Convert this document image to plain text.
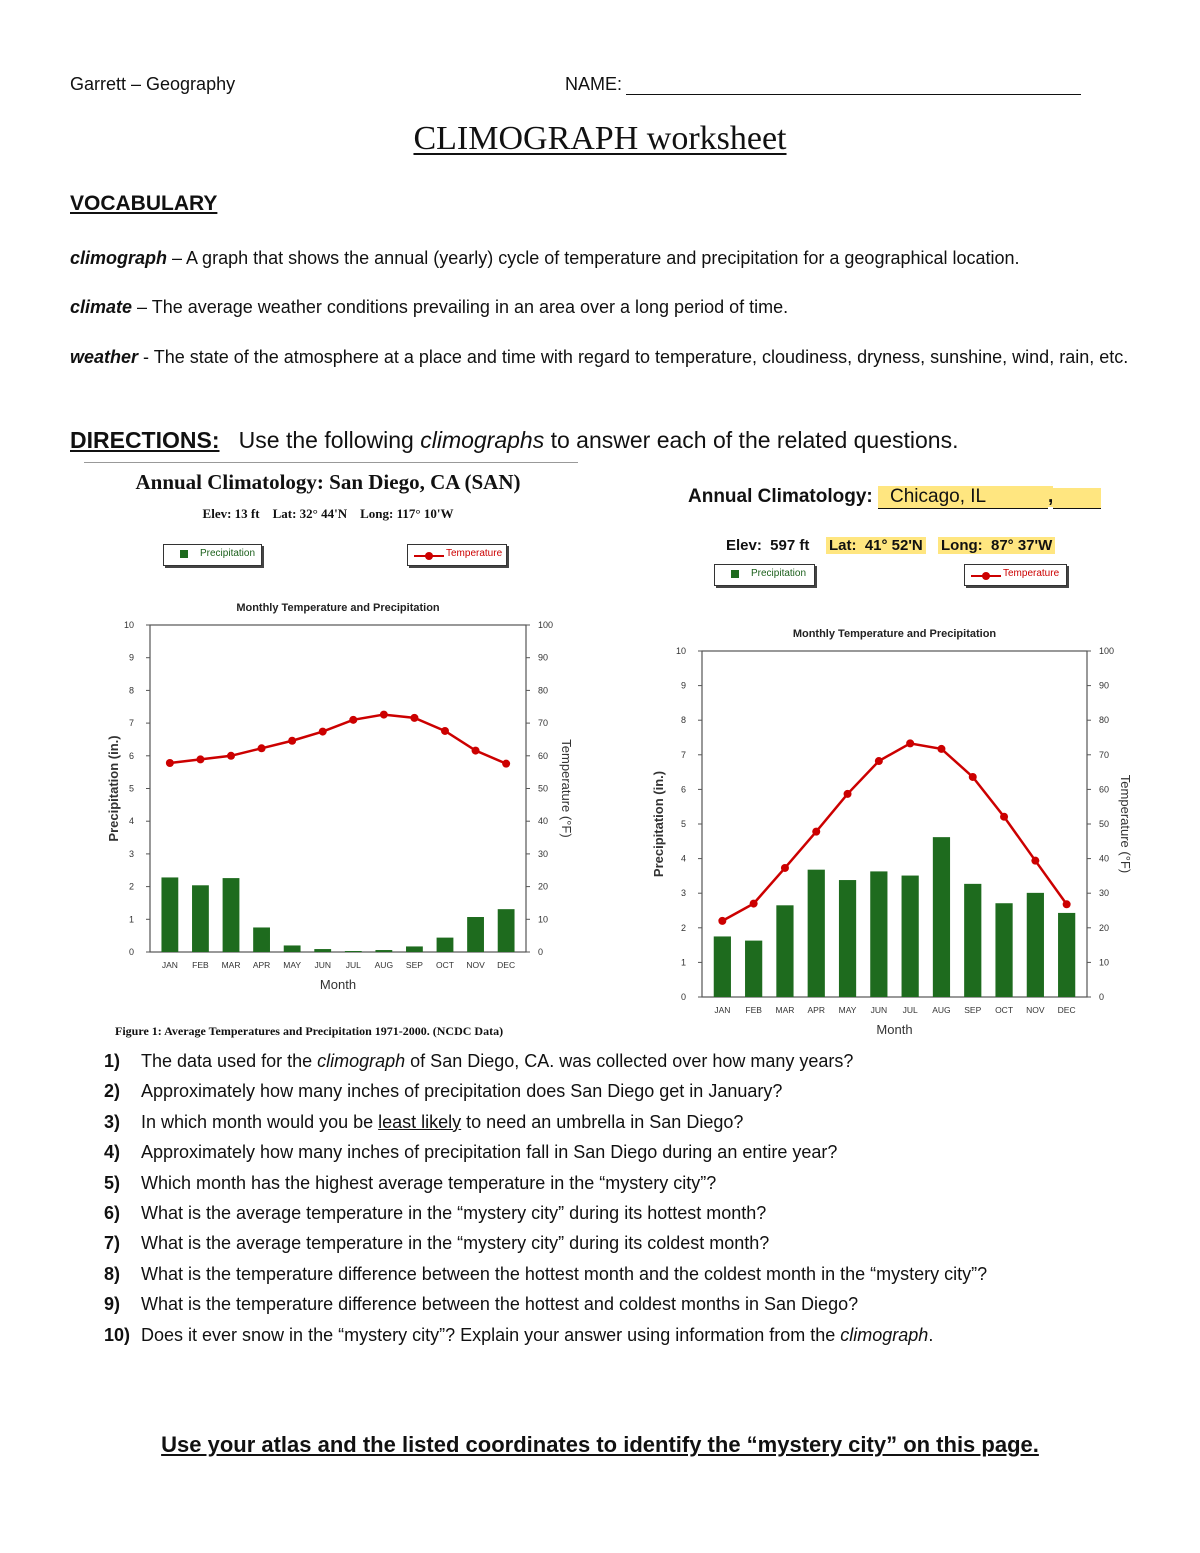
Garrett – Geography	NAME:
CLIMOGRAPH worksheet
VOCABULARY
climograph – A graph that shows the annual (yearly) cycle of temperature and precipitation for a geographical location.
climate – The average weather conditions prevailing in an area over a long period of time.
weather - The state of the atmosphere at a place and time with regard to temperature, cloudiness, dryness, sunshine, wind, rain, etc.
DIRECTIONS: Use the following climographs to answer each of the related questions.
Annual Climatology: San Diego, CA (SAN)
Elev: 13 ft    Lat: 32° 44'N    Long: 117° 10'W
Precipitation	Temperature
Monthly Temperature and Precipitation
0
1
2
3
4
5
6
7
8
9
10
0
10
20
30
40
50
60
70
80
90
100
JAN FEB MAR APR MAY JUN JUL AUG SEP OCT NOV DEC
Month
Precipitation (in.)	Temperature (°F)
Figure 1: Average Temperatures and Precipitation 1971-2000. (NCDC Data)
Annual Climatology: Chicago, IL	,
Elev:  597 ft Lat:  41° 52'N Long:  87° 37'W
Precipitation	Temperature
Monthly Temperature and Precipitation
0
1
2
3
4
5
6
7
8
9
10
0
10
20
30
40
50
60
70
80
90
100
JAN FEB MAR APR MAY JUN JUL AUG SEP OCT NOV DEC
Month
Precipitation (in.)	Temperature (°F)
1) The data used for the climograph of San Diego, CA. was collected over how many years?
2) Approximately how many inches of precipitation does San Diego get in January?
3) In which month would you be least likely to need an umbrella in San Diego?
4) Approximately how many inches of precipitation fall in San Diego during an entire year?
5) Which month has the highest average temperature in the “mystery city”?
6) What is the average temperature in the “mystery city” during its hottest month?
7) What is the average temperature in the “mystery city” during its coldest month?
8) What is the temperature difference between the hottest month and the coldest month in the “mystery city”?
9) What is the temperature difference between the hottest and coldest months in San Diego?
10) Does it ever snow in the “mystery city”? Explain your answer using information from the climograph.
Use your atlas and the listed coordinates to identify the “mystery city” on this page.
